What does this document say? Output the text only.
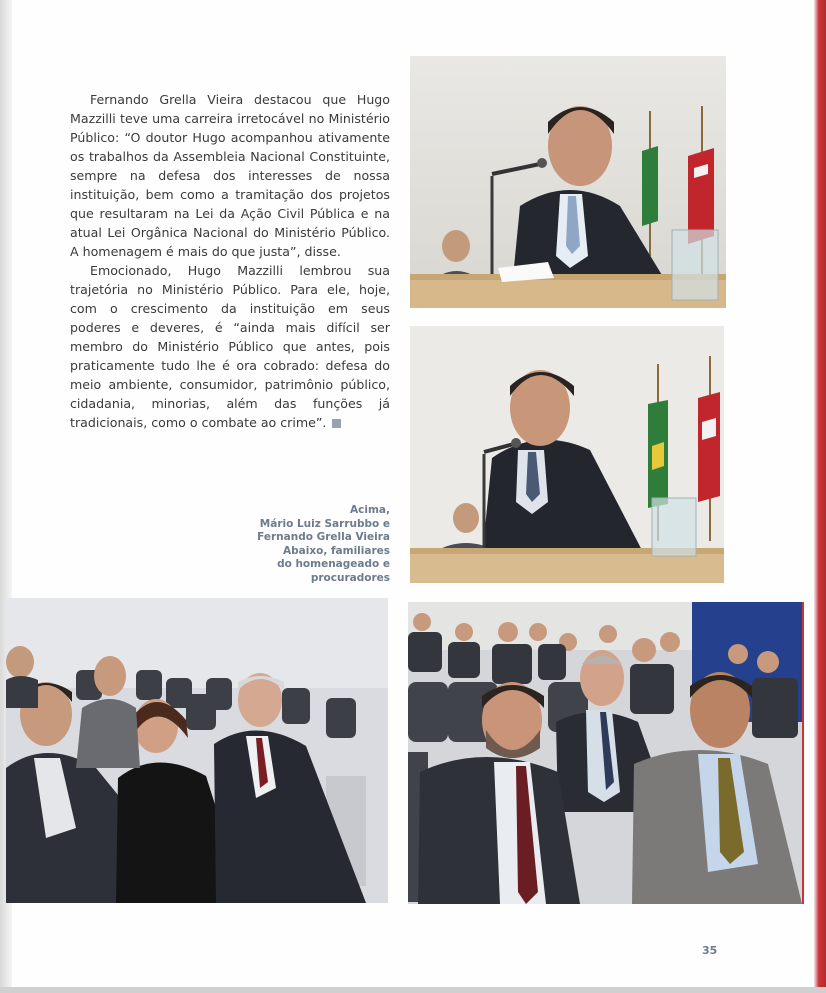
Fernando Grella Vieira destacou que Hugo Mazzilli teve uma carreira irretocável no Ministério Público: “O doutor Hugo acompanhou ativamente os trabalhos da Assembleia Nacional Constituinte, sempre na defesa dos interesses de nossa instituição, bem como a tramitação dos projetos que resultaram na Lei da Ação Civil Pública e na atual Lei Orgânica Nacional do Ministério Público. A homenagem é mais do que justa”, disse.

Emocionado, Hugo Mazzilli lembrou sua trajetória no Ministério Público. Para ele, hoje, com o crescimento da instituição em seus poderes e deveres, é “ainda mais difícil ser membro do Ministério Público que antes, pois praticamente tudo lhe é ora cobrado: defesa do meio ambiente, consumidor, patrimônio público, cidadania, minorias, além das funções já tradicionais, como o combate ao crime”.

Acima,
Mário Luiz Sarrubbo e
Fernando Grella Vieira
Abaixo, familiares
do homenageado e
procuradores
35
